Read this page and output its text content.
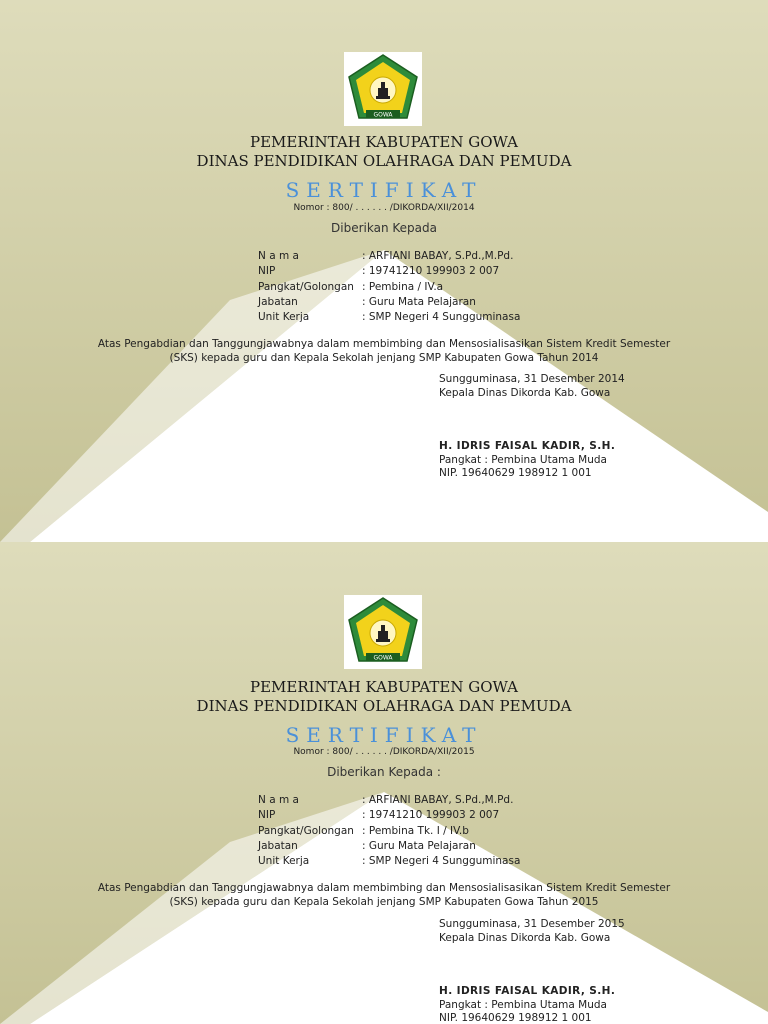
GOWA
PEMERINTAH KABUPATEN GOWA
DINAS PENDIDIKAN OLAHRAGA DAN PEMUDA
SERTIFIKAT
Nomor : 800/ . . . . . . /DIKORDA/XII/2014
Diberikan Kepada
N a m a	: ARFIANI BABAY, S.Pd.,M.Pd.
NIP	: 19741210 199903 2 007
Pangkat/Golongan : Pembina / IV.a
Jabatan	: Guru Mata Pelajaran
Unit Kerja	: SMP Negeri 4 Sungguminasa
Atas Pengabdian dan Tanggungjawabnya dalam membimbing dan Mensosialisasikan Sistem Kredit Semester
(SKS) kepada guru dan Kepala Sekolah jenjang SMP Kabupaten Gowa Tahun 2014
Sungguminasa, 31 Desember 2014
Kepala Dinas Dikorda Kab. Gowa
H. IDRIS FAISAL KADIR, S.H.
Pangkat : Pembina Utama Muda
NIP. 19640629 198912 1 001
GOWA
PEMERINTAH KABUPATEN GOWA
DINAS PENDIDIKAN OLAHRAGA DAN PEMUDA
SERTIFIKAT
Nomor : 800/ . . . . . . /DIKORDA/XII/2015
Diberikan Kepada :
N a m a	: ARFIANI BABAY, S.Pd.,M.Pd.
NIP	: 19741210 199903 2 007
Pangkat/Golongan : Pembina Tk. I / IV.b
Jabatan	: Guru Mata Pelajaran
Unit Kerja	: SMP Negeri 4 Sungguminasa
Atas Pengabdian dan Tanggungjawabnya dalam membimbing dan Mensosialisasikan Sistem Kredit Semester
(SKS) kepada guru dan Kepala Sekolah jenjang SMP Kabupaten Gowa Tahun 2015
Sungguminasa, 31 Desember 2015
Kepala Dinas Dikorda Kab. Gowa
H. IDRIS FAISAL KADIR, S.H.
Pangkat : Pembina Utama Muda
NIP. 19640629 198912 1 001
